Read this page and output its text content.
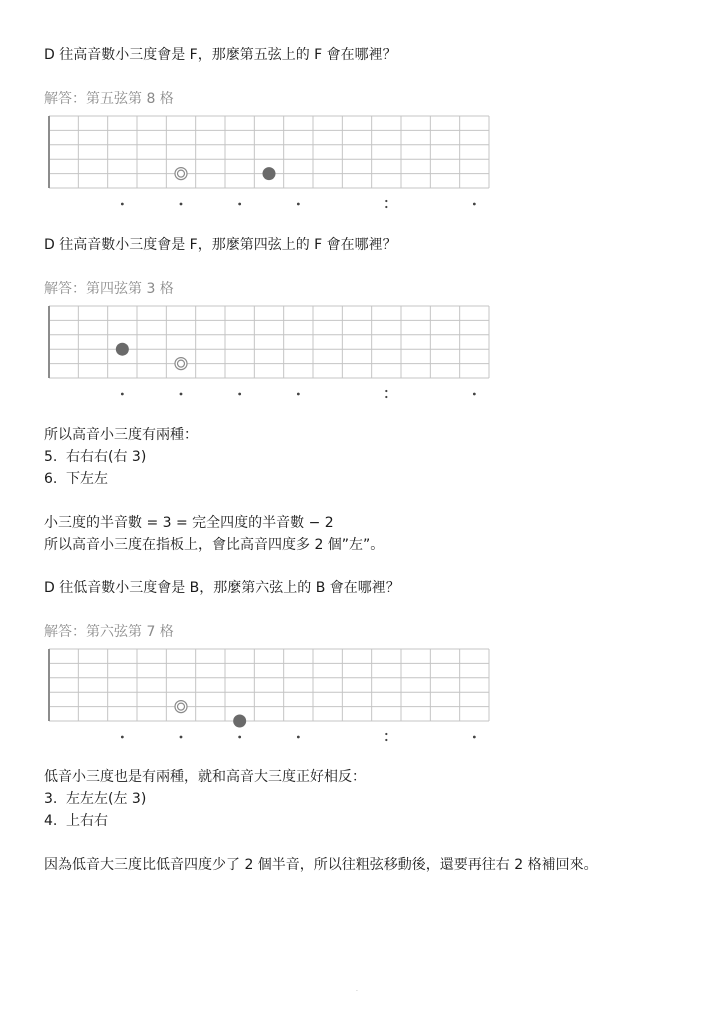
D 往高音數小三度會是 F，那麼第五弦上的 F 會在哪裡？
解答：第五弦第 8 格
D 往高音數小三度會是 F，那麼第四弦上的 F 會在哪裡？
解答：第四弦第 3 格
所以高音小三度有兩種：
5. 右右右(右 3)
6. 下左左
小三度的半音數 = 3 = 完全四度的半音數 − 2
所以高音小三度在指板上，會比高音四度多 2 個”左”。
D 往低音數小三度會是 B，那麼第六弦上的 B 會在哪裡？
解答：第六弦第 7 格
低音小三度也是有兩種，就和高音大三度正好相反：
3. 左左左(左 3)
4. 上右右
因為低音大三度比低音四度少了 2 個半音，所以往粗弦移動後，還要再往右 2 格補回來。
.
